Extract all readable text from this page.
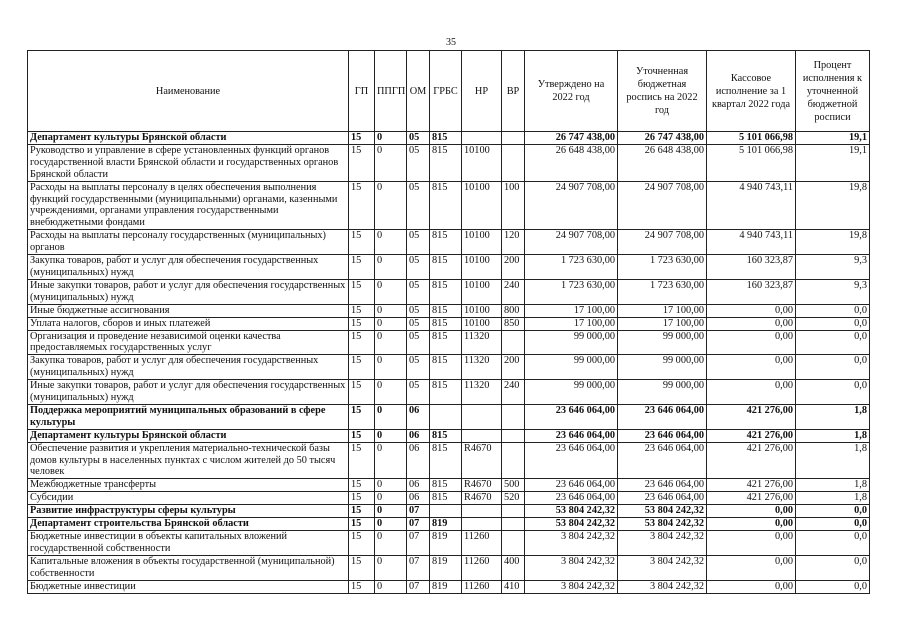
35
Наименование	ГП	ППГП	ОМ	ГРБС	НР	ВР	Утверждено на 2022 год	Уточненная бюджетная роспись на 2022 год	Кассовое исполнение за 1 квартал 2022 года	Процент исполнения к уточненной бюджетной росписи
Департамент культуры Брянской области	15	0	05	815			26 747 438,00	26 747 438,00	5 101 066,98	19,1
Руководство и управление в сфере установленных функций органов государственной власти Брянской области и государственных органов Брянской области	15	0	05	815	10100		26 648 438,00	26 648 438,00	5 101 066,98	19,1
Расходы на выплаты персоналу в целях обеспечения выполнения функций государственными (муниципальными) органами, казенными учреждениями, органами управления государственными внебюджетными фондами	15	0	05	815	10100	100	24 907 708,00	24 907 708,00	4 940 743,11	19,8
Расходы на выплаты персоналу государственных (муниципальных) органов	15	0	05	815	10100	120	24 907 708,00	24 907 708,00	4 940 743,11	19,8
Закупка товаров, работ и услуг для обеспечения государственных (муниципальных) нужд	15	0	05	815	10100	200	1 723 630,00	1 723 630,00	160 323,87	9,3
Иные закупки товаров, работ и услуг для обеспечения государственных (муниципальных) нужд	15	0	05	815	10100	240	1 723 630,00	1 723 630,00	160 323,87	9,3
Иные бюджетные ассигнования	15	0	05	815	10100	800	17 100,00	17 100,00	0,00	0,0
Уплата налогов, сборов и иных платежей	15	0	05	815	10100	850	17 100,00	17 100,00	0,00	0,0
Организация и проведение независимой оценки качества предоставляемых государственных услуг	15	0	05	815	11320		99 000,00	99 000,00	0,00	0,0
Закупка товаров, работ и услуг для обеспечения государственных (муниципальных) нужд	15	0	05	815	11320	200	99 000,00	99 000,00	0,00	0,0
Иные закупки товаров, работ и услуг для обеспечения государственных (муниципальных) нужд	15	0	05	815	11320	240	99 000,00	99 000,00	0,00	0,0
Поддержка мероприятий муниципальных образований в сфере культуры	15	0	06				23 646 064,00	23 646 064,00	421 276,00	1,8
Департамент культуры Брянской области	15	0	06	815			23 646 064,00	23 646 064,00	421 276,00	1,8
Обеспечение развития и укрепления материально-технической базы домов культуры в населенных пунктах с числом жителей до 50 тысяч человек	15	0	06	815	R4670		23 646 064,00	23 646 064,00	421 276,00	1,8
Межбюджетные трансферты	15	0	06	815	R4670	500	23 646 064,00	23 646 064,00	421 276,00	1,8
Субсидии	15	0	06	815	R4670	520	23 646 064,00	23 646 064,00	421 276,00	1,8
Развитие инфраструктуры сферы культуры	15	0	07				53 804 242,32	53 804 242,32	0,00	0,0
Департамент строительства Брянской области	15	0	07	819			53 804 242,32	53 804 242,32	0,00	0,0
Бюджетные инвестиции в объекты капитальных вложений государственной собственности	15	0	07	819	11260		3 804 242,32	3 804 242,32	0,00	0,0
Капитальные вложения в объекты государственной (муниципальной) собственности	15	0	07	819	11260	400	3 804 242,32	3 804 242,32	0,00	0,0
Бюджетные инвестиции	15	0	07	819	11260	410	3 804 242,32	3 804 242,32	0,00	0,0
